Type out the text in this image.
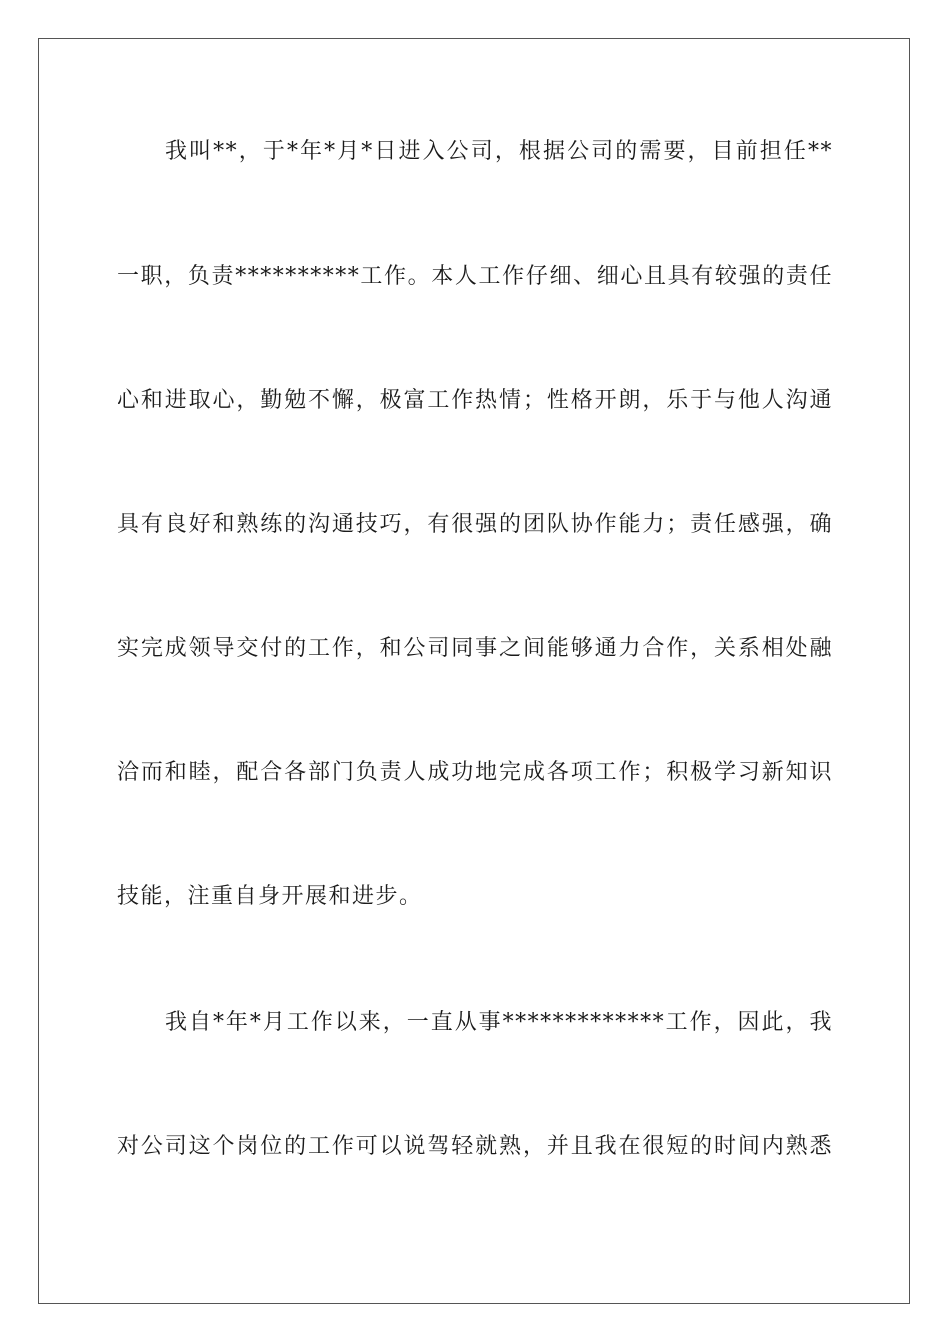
我叫**，于*年*月*日进入公司，根据公司的需要，目前担任**
一职，负责**********工作。本人工作仔细、细心且具有较强的责任
心和进取心，勤勉不懈，极富工作热情；性格开朗，乐于与他人沟通
具有良好和熟练的沟通技巧，有很强的团队协作能力；责任感强，确
实完成领导交付的工作，和公司同事之间能够通力合作，关系相处融
洽而和睦，配合各部门负责人成功地完成各项工作；积极学习新知识
技能，注重自身开展和进步。
我自*年*月工作以来，一直从事*************工作，因此，我
对公司这个岗位的工作可以说驾轻就熟，并且我在很短的时间内熟悉
